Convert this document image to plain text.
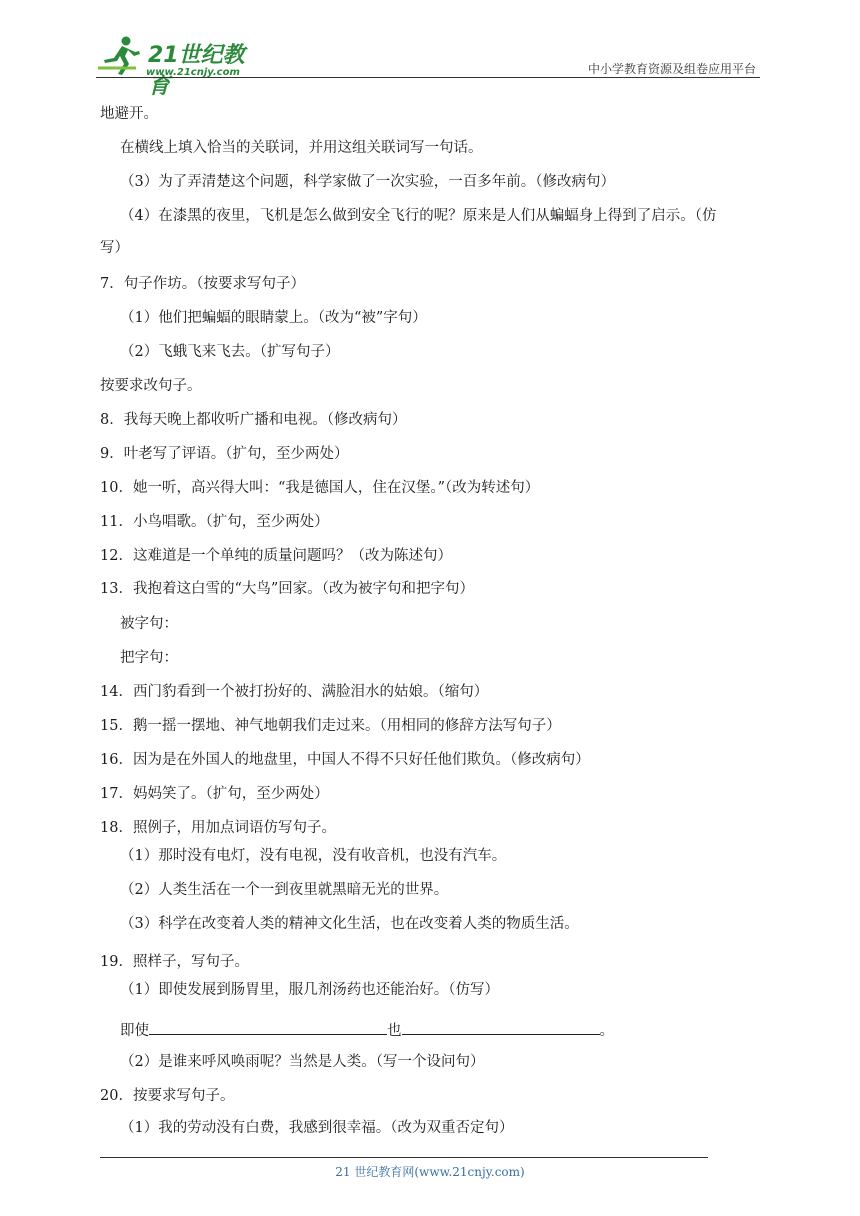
21世纪教育
www.21cnjy.com	中小学教育资源及组卷应用平台
地避开。
在横线上填入恰当的关联词，并用这组关联词写一句话。
（3）为了弄清楚这个问题，科学家做了一次实验，一百多年前。（修改病句）
（4）在漆黑的夜里，飞机是怎么做到安全飞行的呢？原来是人们从蝙蝠身上得到了启示。（仿
写）
7．句子作坊。（按要求写句子）
（1）他们把蝙蝠的眼睛蒙上。（改为“被”字句）
（2）飞蛾飞来飞去。（扩写句子）
按要求改句子。
8．我每天晚上都收听广播和电视。（修改病句）
9．叶老写了评语。（扩句，至少两处）
10．她一听，高兴得大叫：“我是德国人，住在汉堡。”（改为转述句）
11．小鸟唱歌。（扩句，至少两处）
12．这难道是一个单纯的质量问题吗？（改为陈述句）
13．我抱着这白雪的“大鸟”回家。（改为被字句和把字句）
被字句：
把字句：
14．西门豹看到一个被打扮好的、满脸泪水的姑娘。（缩句）
15．鹅一摇一摆地、神气地朝我们走过来。（用相同的修辞方法写句子）
16．因为是在外国人的地盘里，中国人不得不只好任他们欺负。（修改病句）
17．妈妈笑了。（扩句，至少两处）
18．照例子，用加点词语仿写句子。
（1）那时没有电灯，没有电视，没有收音机，也没有汽车。
（2）人类生活在一个一到夜里就黑暗无光的世界。
（3）科学在改变着人类的精神文化生活，也在改变着人类的物质生活。
19．照样子，写句子。
（1）即使发展到肠胃里，服几剂汤药也还能治好。（仿写）
即使	也	。
（2）是谁来呼风唤雨呢？当然是人类。（写一个设问句）
20．按要求写句子。
（1）我的劳动没有白费，我感到很幸福。（改为双重否定句）
21 世纪教育网(www.21cnjy.com)
